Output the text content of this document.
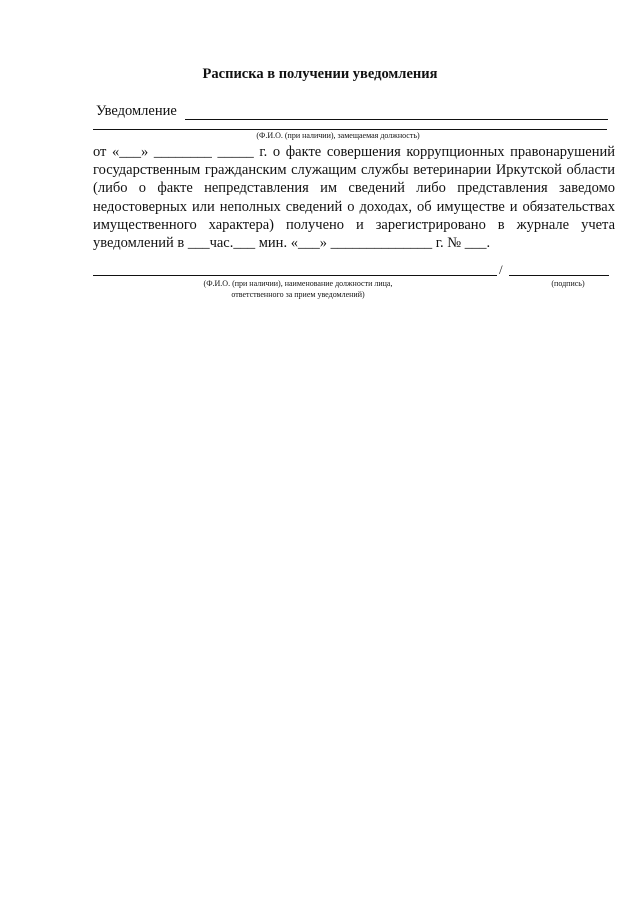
Расписка в получении уведомления
Уведомление
(Ф.И.О. (при наличии), замещаемая должность)
от «___» ________ _____ г. о факте совершения коррупционных правонарушений государственным гражданским служащим службы ветеринарии Иркутской области (либо о факте непредставления им сведений либо представления заведомо недостоверных или неполных сведений о доходах, об имуществе и обязательствах имущественного характера) получено и зарегистрировано в журнале учета уведомлений в ___час.___ мин. «___» ______________ г. № ___.
/
(Ф.И.О. (при наличии), наименование должности лица,
ответственного за прием уведомлений)
(подпись)
